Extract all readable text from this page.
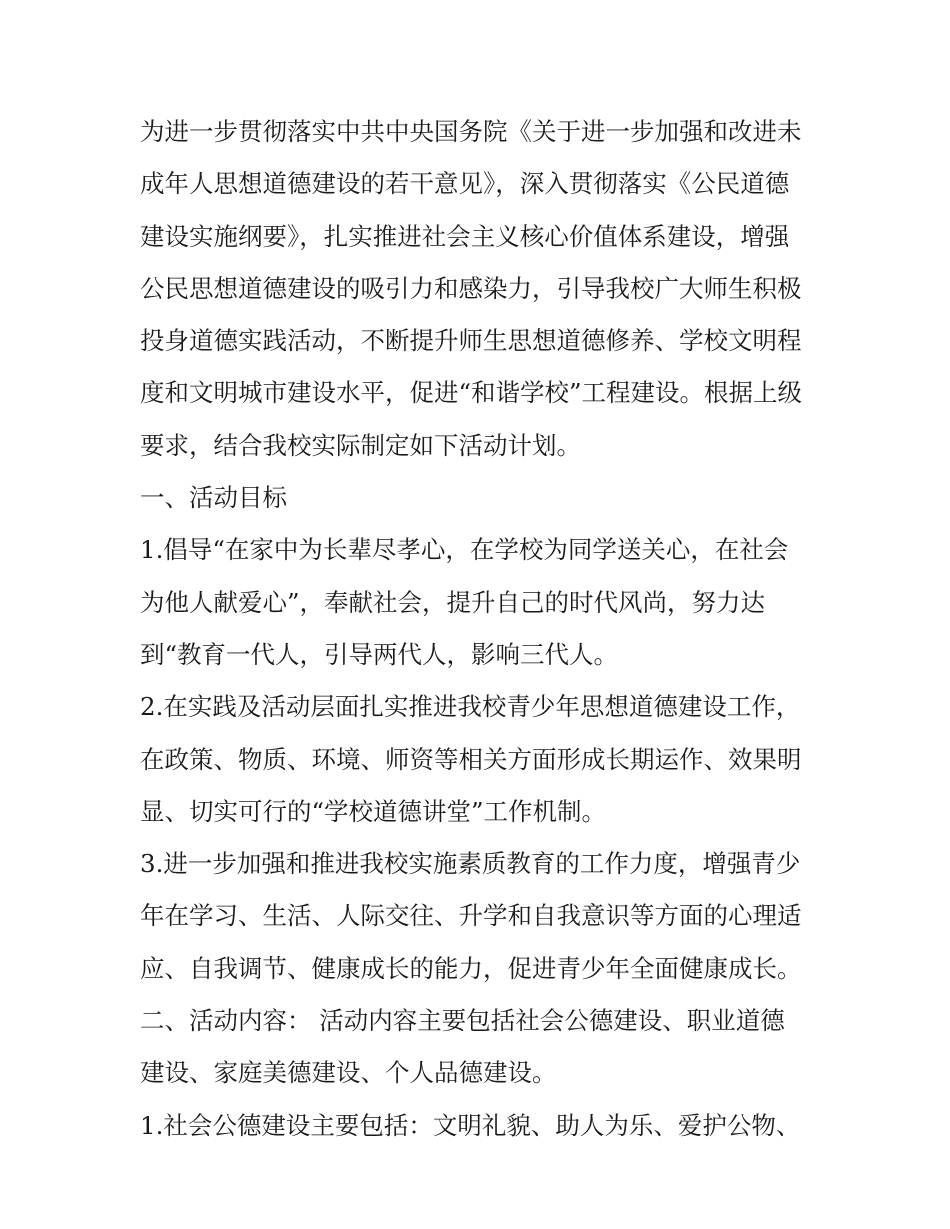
为进一步贯彻落实中共中央国务院《关于进一步加强和改进未
成年人思想道德建设的若干意见》，深入贯彻落实《公民道德
建设实施纲要》，扎实推进社会主义核心价值体系建设，增强
公民思想道德建设的吸引力和感染力，引导我校广大师生积极
投身道德实践活动，不断提升师生思想道德修养、学校文明程
度和文明城市建设水平，促进“和谐学校”工程建设。根据上级
要求，结合我校实际制定如下活动计划。
一、活动目标
1.倡导“在家中为长辈尽孝心，在学校为同学送关心，在社会
为他人献爱心”，奉献社会，提升自己的时代风尚，努力达
到“教育一代人，引导两代人，影响三代人。
2.在实践及活动层面扎实推进我校青少年思想道德建设工作，
在政策、物质、环境、师资等相关方面形成长期运作、效果明
显、切实可行的“学校道德讲堂”工作机制。
3.进一步加强和推进我校实施素质教育的工作力度，增强青少
年在学习、生活、人际交往、升学和自我意识等方面的心理适
应、自我调节、健康成长的能力，促进青少年全面健康成长。
二、活动内容： 活动内容主要包括社会公德建设、职业道德
建设、家庭美德建设、个人品德建设。
1.社会公德建设主要包括：文明礼貌、助人为乐、爱护公物、
